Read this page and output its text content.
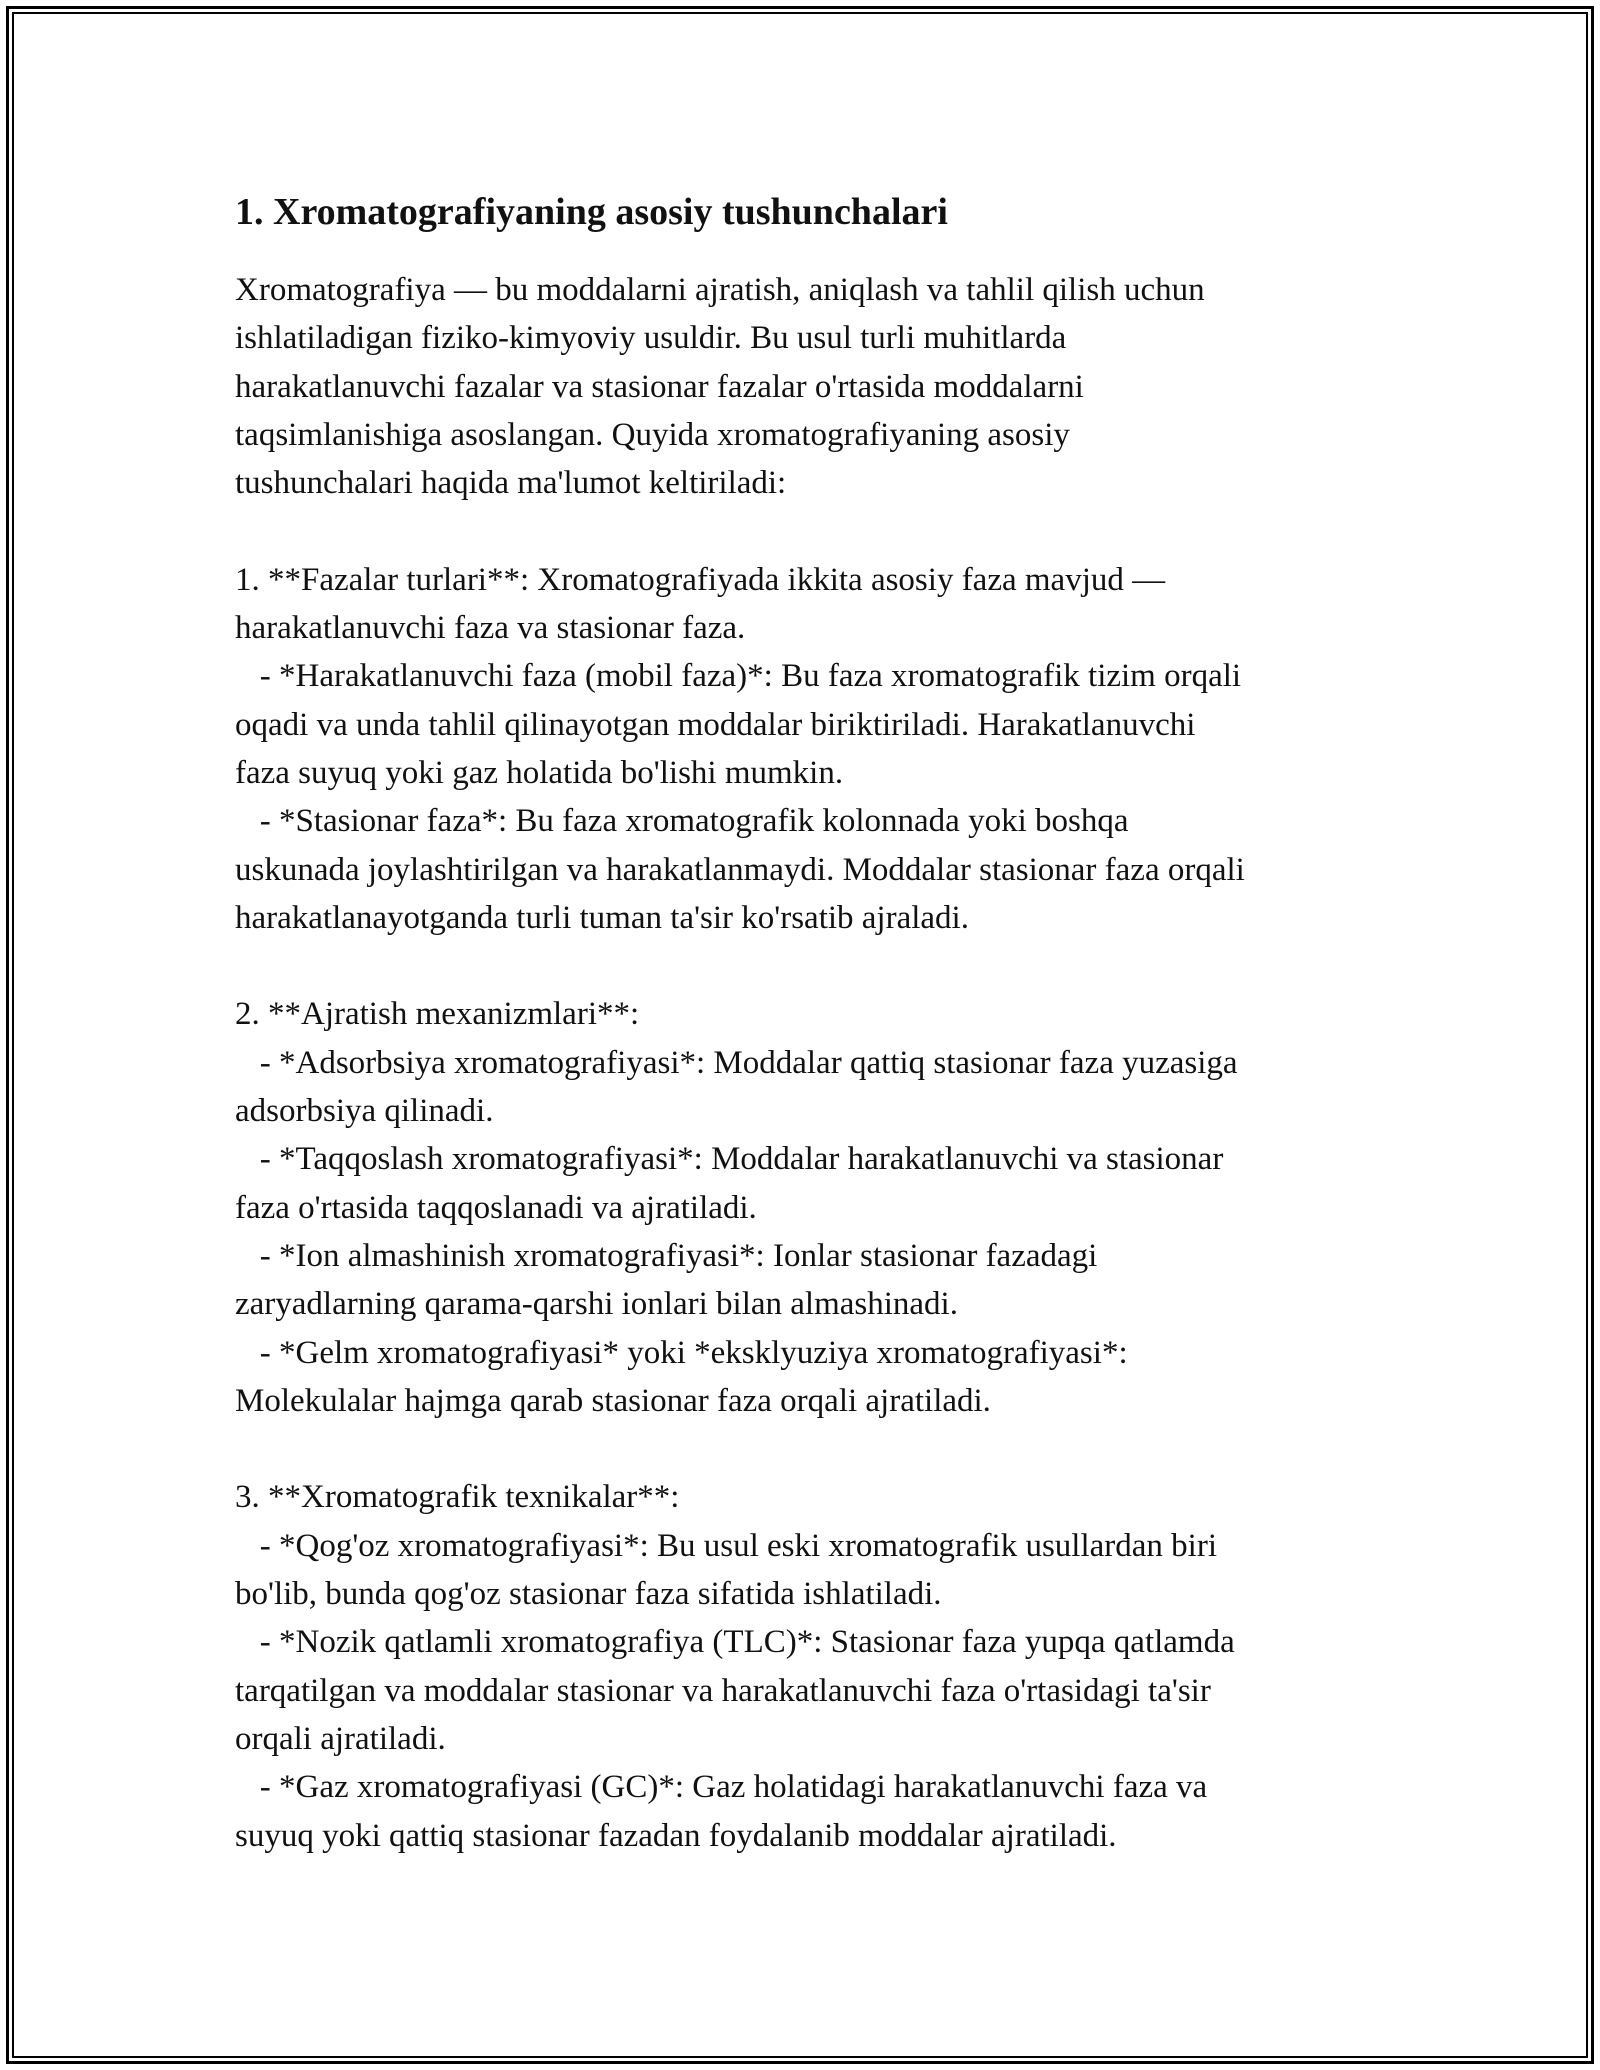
1. Xromatografiyaning asosiy tushunchalari

Xromatografiya — bu moddalarni ajratish, aniqlash va tahlil qilish uchun
ishlatiladigan fiziko-kimyoviy usuldir. Bu usul turli muhitlarda
harakatlanuvchi fazalar va stasionar fazalar o'rtasida moddalarni
taqsimlanishiga asoslangan. Quyida xromatografiyaning asosiy
tushunchalari haqida ma'lumot keltiriladi:

1. **Fazalar turlari**: Xromatografiyada ikkita asosiy faza mavjud —
harakatlanuvchi faza va stasionar faza.
- *Harakatlanuvchi faza (mobil faza)*: Bu faza xromatografik tizim orqali
oqadi va unda tahlil qilinayotgan moddalar biriktiriladi. Harakatlanuvchi
faza suyuq yoki gaz holatida bo'lishi mumkin.
- *Stasionar faza*: Bu faza xromatografik kolonnada yoki boshqa
uskunada joylashtirilgan va harakatlanmaydi. Moddalar stasionar faza orqali
harakatlanayotganda turli tuman ta'sir ko'rsatib ajraladi.

2. **Ajratish mexanizmlari**:
- *Adsorbsiya xromatografiyasi*: Moddalar qattiq stasionar faza yuzasiga
adsorbsiya qilinadi.
- *Taqqoslash xromatografiyasi*: Moddalar harakatlanuvchi va stasionar
faza o'rtasida taqqoslanadi va ajratiladi.
- *Ion almashinish xromatografiyasi*: Ionlar stasionar fazadagi
zaryadlarning qarama-qarshi ionlari bilan almashinadi.
- *Gelm xromatografiyasi* yoki *eksklyuziya xromatografiyasi*:
Molekulalar hajmga qarab stasionar faza orqali ajratiladi.

3. **Xromatografik texnikalar**:
- *Qog'oz xromatografiyasi*: Bu usul eski xromatografik usullardan biri
bo'lib, bunda qog'oz stasionar faza sifatida ishlatiladi.
- *Nozik qatlamli xromatografiya (TLC)*: Stasionar faza yupqa qatlamda
tarqatilgan va moddalar stasionar va harakatlanuvchi faza o'rtasidagi ta'sir
orqali ajratiladi.
- *Gaz xromatografiyasi (GC)*: Gaz holatidagi harakatlanuvchi faza va
suyuq yoki qattiq stasionar fazadan foydalanib moddalar ajratiladi.
